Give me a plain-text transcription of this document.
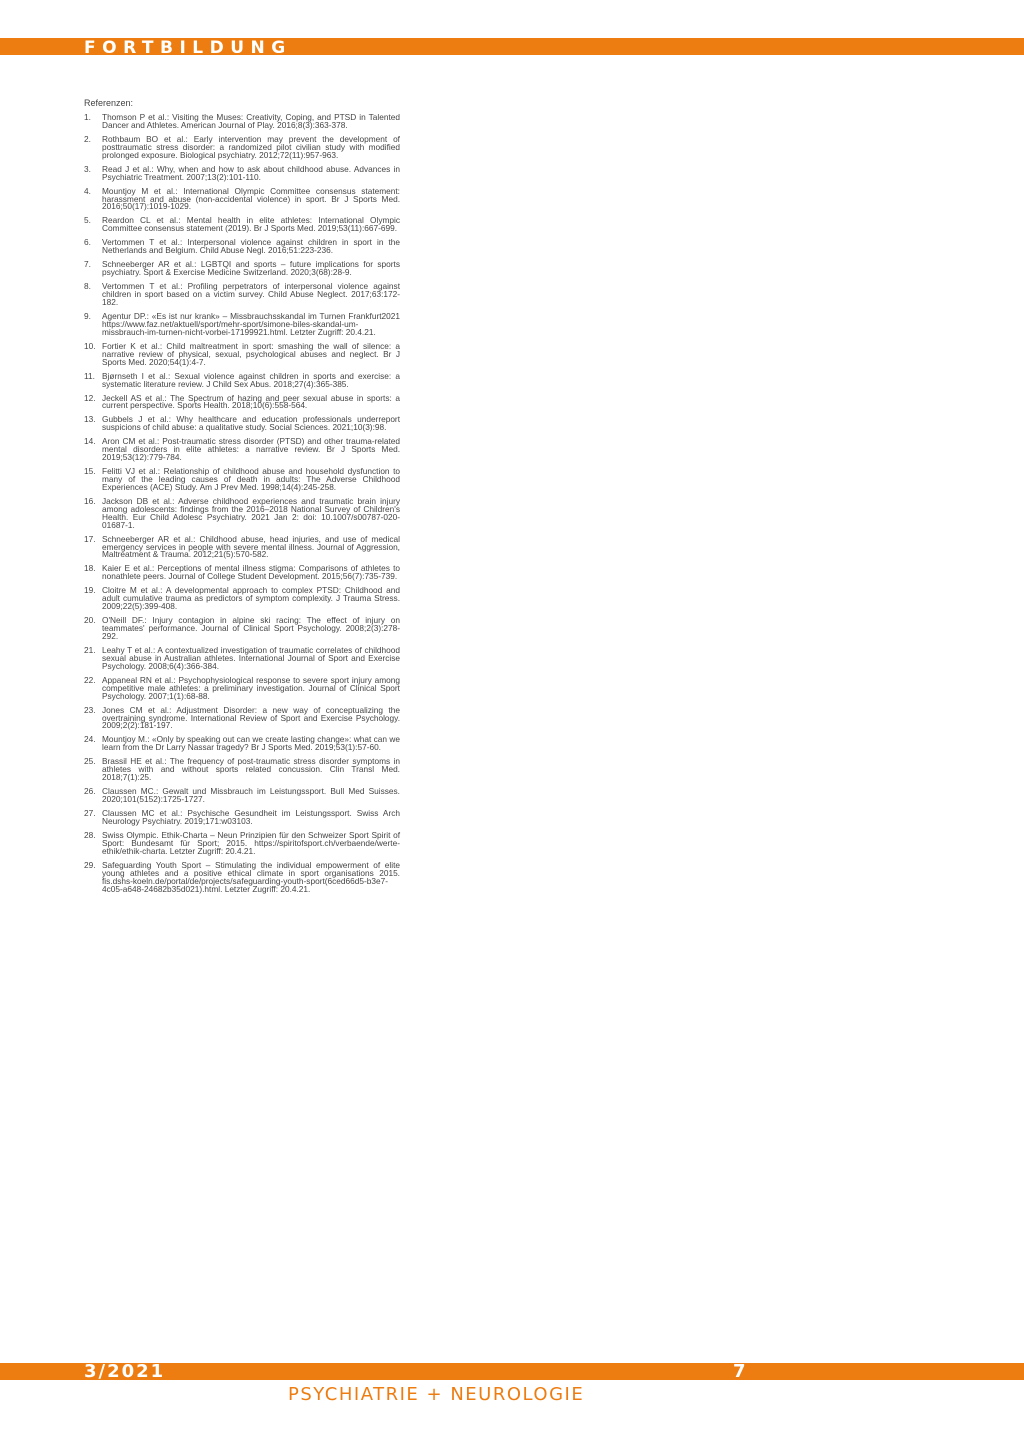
FORTBILDUNG
Referenzen:
1. Thomson P et al.: Visiting the Muses: Creativity, Coping, and PTSD in Talented Dancer and Athletes. American Journal of Play. 2016;8(3):363-378.
2. Rothbaum BO et al.: Early intervention may prevent the development of posttraumatic stress disorder: a randomized pilot civilian study with modified prolonged exposure. Biological psychiatry. 2012;72(11):957-963.
3. Read J et al.: Why, when and how to ask about childhood abuse. Advances in Psychiatric Treatment. 2007;13(2):101-110.
4. Mountjoy M et al.: International Olympic Committee consensus statement: harassment and abuse (non-accidental violence) in sport. Br J Sports Med. 2016;50(17):1019-1029.
5. Reardon CL et al.: Mental health in elite athletes: International Olympic Committee consensus statement (2019). Br J Sports Med. 2019;53(11):667-699.
6. Vertommen T et al.: Interpersonal violence against children in sport in the Netherlands and Belgium. Child Abuse Negl. 2016;51:223-236.
7. Schneeberger AR et al.: LGBTQI and sports – future implications for sports psychiatry. Sport & Exercise Medicine Switzerland. 2020;3(68):28-9.
8. Vertommen T et al.: Profiling perpetrators of interpersonal violence against children in sport based on a victim survey. Child Abuse Neglect. 2017;63:172-182.
9. Agentur DP.: «Es ist nur krank» – Missbrauchsskandal im Turnen Frankfurt2021 https://www.faz.net/aktuell/sport/mehr-sport/simone-biles-skandal-um-missbrauch-im-turnen-nicht-vorbei-17199921.html. Letzter Zugriff: 20.4.21.
10. Fortier K et al.: Child maltreatment in sport: smashing the wall of silence: a narrative review of physical, sexual, psychological abuses and neglect. Br J Sports Med. 2020;54(1):4-7.
11. Bjørnseth I et al.: Sexual violence against children in sports and exercise: a systematic literature review. J Child Sex Abus. 2018;27(4):365-385.
12. Jeckell AS et al.: The Spectrum of hazing and peer sexual abuse in sports: a current perspective. Sports Health. 2018;10(6):558-564.
13. Gubbels J et al.: Why healthcare and education professionals underreport suspicions of child abuse: a qualitative study. Social Sciences. 2021;10(3):98.
14. Aron CM et al.: Post-traumatic stress disorder (PTSD) and other trauma-related mental disorders in elite athletes: a narrative review. Br J Sports Med. 2019;53(12):779-784.
15. Felitti VJ et al.: Relationship of childhood abuse and household dysfunction to many of the leading causes of death in adults: The Adverse Childhood Experiences (ACE) Study. Am J Prev Med. 1998;14(4):245-258.
16. Jackson DB et al.: Adverse childhood experiences and traumatic brain injury among adolescents: findings from the 2016–2018 National Survey of Children's Health. Eur Child Adolesc Psychiatry. 2021 Jan 2: doi: 10.1007/s00787-020-01687-1.
17. Schneeberger AR et al.: Childhood abuse, head injuries, and use of medical emergency services in people with severe mental illness. Journal of Aggression, Maltreatment & Trauma. 2012;21(5):570-582.
18. Kaier E et al.: Perceptions of mental illness stigma: Comparisons of athletes to nonathlete peers. Journal of College Student Development. 2015;56(7):735-739.
19. Cloitre M et al.: A developmental approach to complex PTSD: Childhood and adult cumulative trauma as predictors of symptom complexity. J Trauma Stress. 2009;22(5):399-408.
20. O'Neill DF.: Injury contagion in alpine ski racing: The effect of injury on teammates' performance. Journal of Clinical Sport Psychology. 2008;2(3):278-292.
21. Leahy T et al.: A contextualized investigation of traumatic correlates of childhood sexual abuse in Australian athletes. International Journal of Sport and Exercise Psychology. 2008;6(4):366-384.
22. Appaneal RN et al.: Psychophysiological response to severe sport injury among competitive male athletes: a preliminary investigation. Journal of Clinical Sport Psychology. 2007;1(1):68-88.
23. Jones CM et al.: Adjustment Disorder: a new way of conceptualizing the overtraining syndrome. International Review of Sport and Exercise Psychology. 2009;2(2):181-197.
24. Mountjoy M.: «Only by speaking out can we create lasting change»: what can we learn from the Dr Larry Nassar tragedy? Br J Sports Med. 2019;53(1):57-60.
25. Brassil HE et al.: The frequency of post-traumatic stress disorder symptoms in athletes with and without sports related concussion. Clin Transl Med. 2018;7(1):25.
26. Claussen MC.: Gewalt und Missbrauch im Leistungssport. Bull Med Suisses. 2020;101(5152):1725-1727.
27. Claussen MC et al.: Psychische Gesundheit im Leistungssport. Swiss Arch Neurology Psychiatry. 2019;171:w03103.
28. Swiss Olympic. Ethik-Charta – Neun Prinzipien für den Schweizer Sport Spirit of Sport: Bundesamt für Sport; 2015. https://spiritofsport.ch/verbaende/werte-ethik/ethik-charta. Letzter Zugriff: 20.4.21.
29. Safeguarding Youth Sport – Stimulating the individual empowerment of elite young athletes and a positive ethical climate in sport organisations 2015. fis.dshs-koeln.de/portal/de/projects/safeguarding-youth-sport(6ced66d5-b3e7-4c05-a648-24682b35d021).html. Letzter Zugriff: 20.4.21.
3/2021	7
PSYCHIATRIE + NEUROLOGIE
